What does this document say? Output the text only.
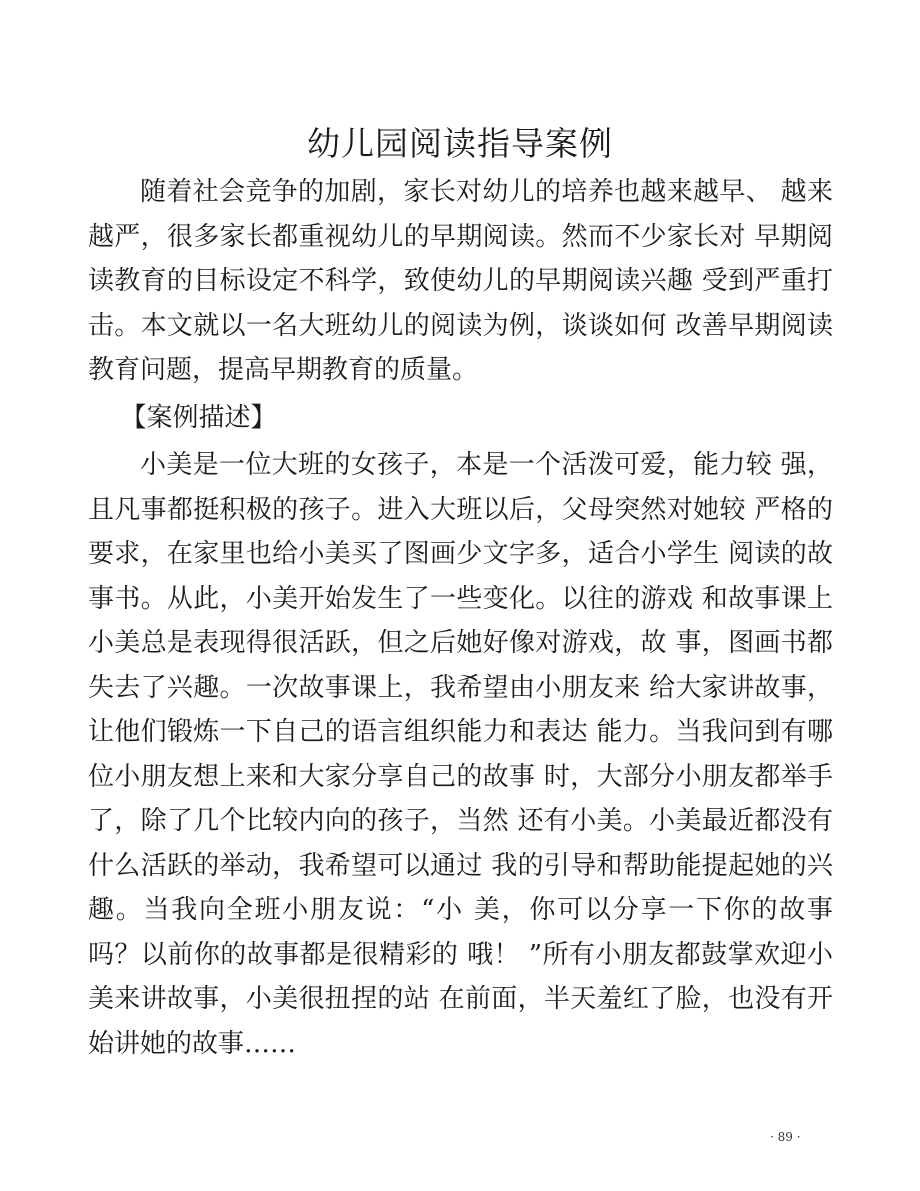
幼儿园阅读指导案例

随着社会竞争的加剧，家长对幼儿的培养也越来越早、 越来越严，很多家长都重视幼儿的早期阅读。然而不少家长对 早期阅读教育的目标设定不科学，致使幼儿的早期阅读兴趣 受到严重打击。本文就以一名大班幼儿的阅读为例，谈谈如何 改善早期阅读教育问题，提高早期教育的质量。

【案例描述】

小美是一位大班的女孩子，本是一个活泼可爱，能力较 强，且凡事都挺积极的孩子。进入大班以后，父母突然对她较 严格的要求，在家里也给小美买了图画少文字多，适合小学生 阅读的故事书。从此，小美开始发生了一些变化。以往的游戏 和故事课上小美总是表现得很活跃，但之后她好像对游戏，故 事，图画书都失去了兴趣。一次故事课上，我希望由小朋友来 给大家讲故事，让他们锻炼一下自己的语言组织能力和表达 能力。当我问到有哪位小朋友想上来和大家分享自己的故事 时，大部分小朋友都举手了，除了几个比较内向的孩子，当然 还有小美。小美最近都没有什么活跃的举动，我希望可以通过 我的引导和帮助能提起她的兴趣。当我向全班小朋友说：“小 美，你可以分享一下你的故事吗？以前你的故事都是很精彩的 哦！ ”所有小朋友都鼓掌欢迎小美来讲故事，小美很扭捏的站 在前面，半天羞红了脸，也没有开始讲她的故事……

· 89 ·
